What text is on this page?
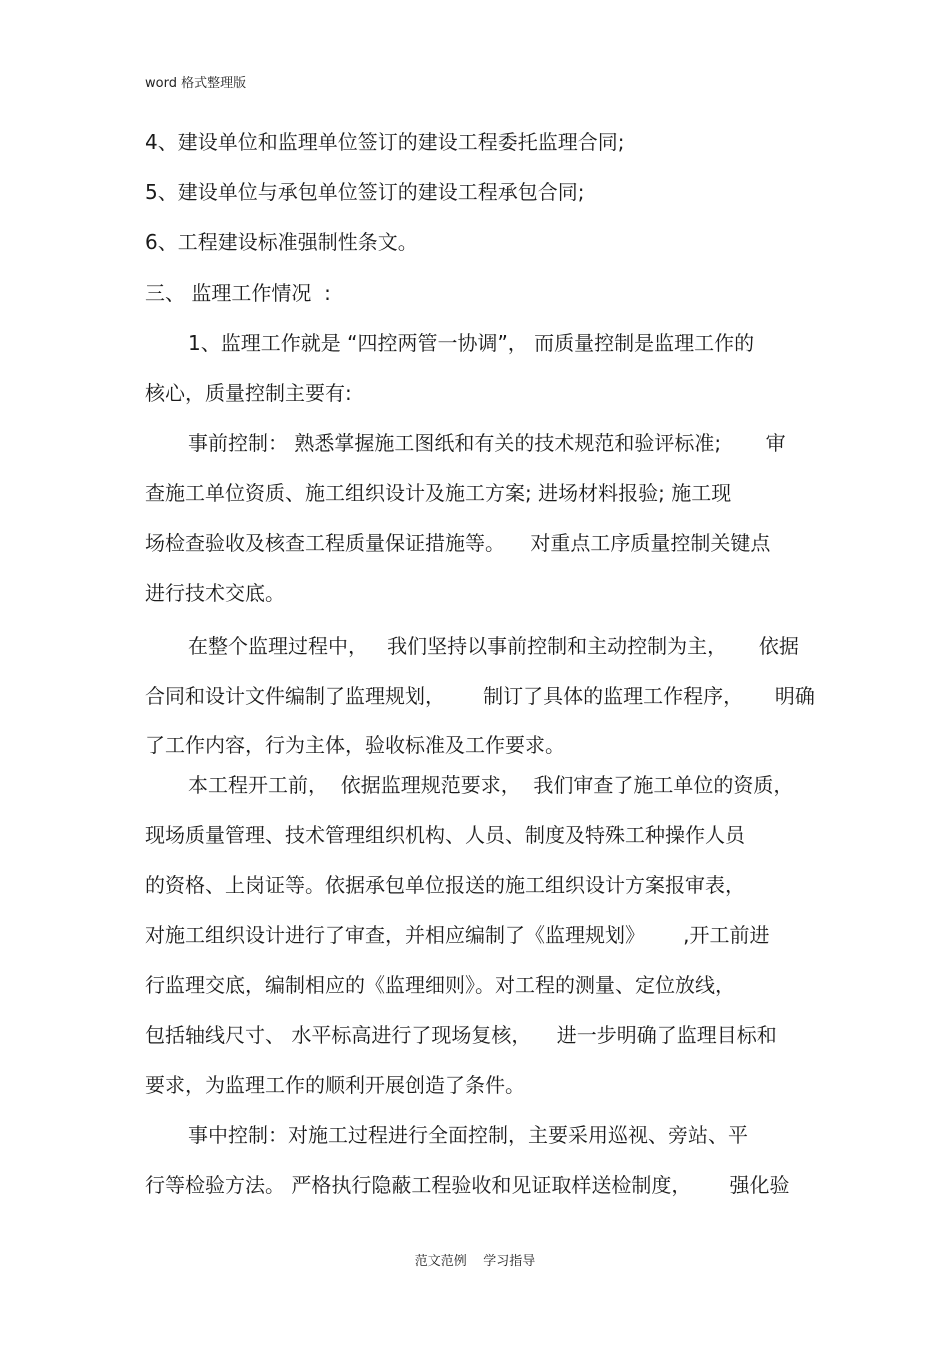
word 格式整理版
4、建设单位和监理单位签订的建设工程委托监理合同;
5、建设单位与承包单位签订的建设工程承包合同;
6、工程建设标准强制性条文。
三、 监理工作情况  :
1、监理工作就是 “四控两管一协调”， 而质量控制是监理工作的
核心，质量控制主要有:
事前控制： 熟悉掌握施工图纸和有关的技术规范和验评标准;       审
查施工单位资质、施工组织设计及施工方案; 进场材料报验; 施工现
场检查验收及核查工程质量保证措施等。    对重点工序质量控制关键点
进行技术交底。
在整个监理过程中，   我们坚持以事前控制和主动控制为主，     依据
合同和设计文件编制了监理规划，      制订了具体的监理工作程序，     明确
了工作内容，行为主体，验收标准及工作要求。
本工程开工前，  依据监理规范要求，  我们审查了施工单位的资质，
现场质量管理、技术管理组织机构、人员、制度及特殊工种操作人员
的资格、上岗证等。依据承包单位报送的施工组织设计方案报审表，
对施工组织设计进行了审查，并相应编制了《监理规划》      ,开工前进
行监理交底，编制相应的《监理细则》。对工程的测量、定位放线，
包括轴线尺寸、 水平标高进行了现场复核，    进一步明确了监理目标和
要求，为监理工作的顺利开展创造了条件。
事中控制：对施工过程进行全面控制，主要采用巡视、旁站、平
行等检验方法。 严格执行隐蔽工程验收和见证取样送检制度，      强化验
范文范例    学习指导
